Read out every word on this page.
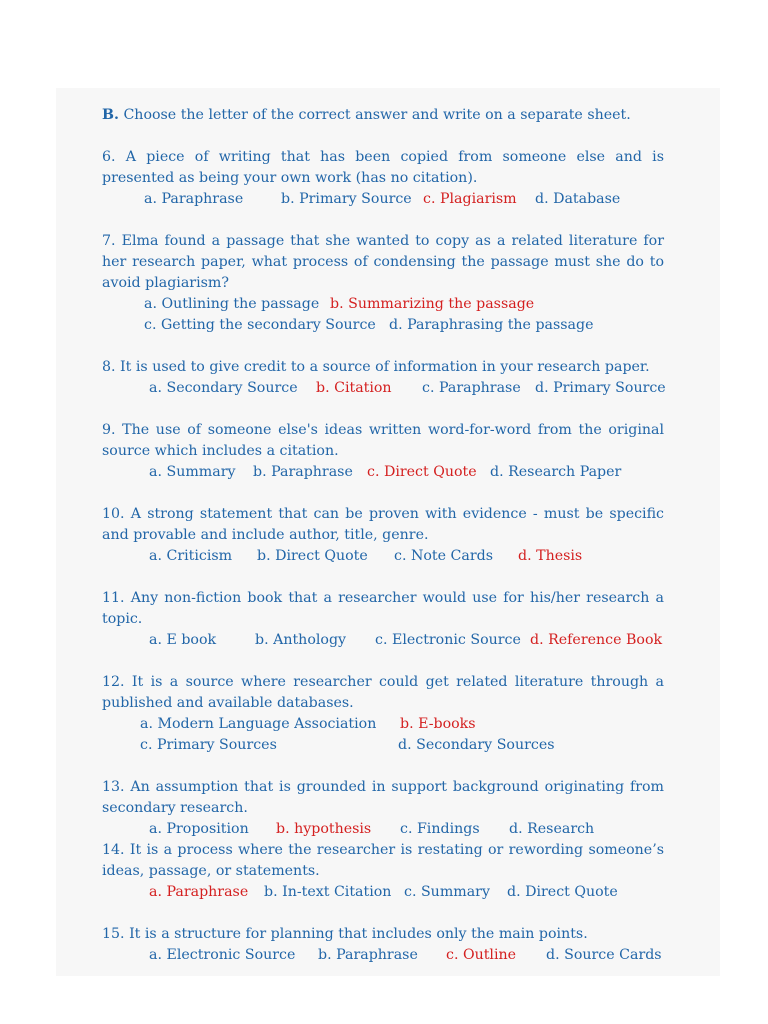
B. Choose the letter of the correct answer and write on a separate sheet.
6. A piece of writing that has been copied from someone else and is presented as being your own work (has no citation).
a. Paraphrase	b. Primary Source c. Plagiarism d. Database
7. Elma found a passage that she wanted to copy as a related literature for her research paper, what process of condensing the passage must she do to avoid plagiarism?
a. Outlining the passage b. Summarizing the passage
c. Getting the secondary Source d. Paraphrasing the passage
8. It is used to give credit to a source of information in your research paper.
a. Secondary Source b. Citation c. Paraphrase d. Primary Source
9. The use of someone else's ideas written word-for-word from the original source which includes a citation.
a. Summary b. Paraphrase c. Direct Quote d. Research Paper
10. A strong statement that can be proven with evidence - must be specific and provable and include author, title, genre.
a. Criticism b. Direct Quote c. Note Cards d. Thesis
11. Any non-fiction book that a researcher would use for his/her research a topic.
a. E book	b. Anthology c. Electronic Source d. Reference Book
12. It is a source where researcher could get related literature through a published and available databases.
a. Modern Language Association b. E-books
c. Primary Sources	d. Secondary Sources
13. An assumption that is grounded in support background originating from secondary research.
a. Proposition b. hypothesis c. Findings d. Research
14. It is a process where the researcher is restating or rewording someone’s ideas, passage, or statements.
a. Paraphrase b. In-text Citation c. Summary d. Direct Quote
15. It is a structure for planning that includes only the main points.
a. Electronic Source b. Paraphrase c. Outline d. Source Cards
